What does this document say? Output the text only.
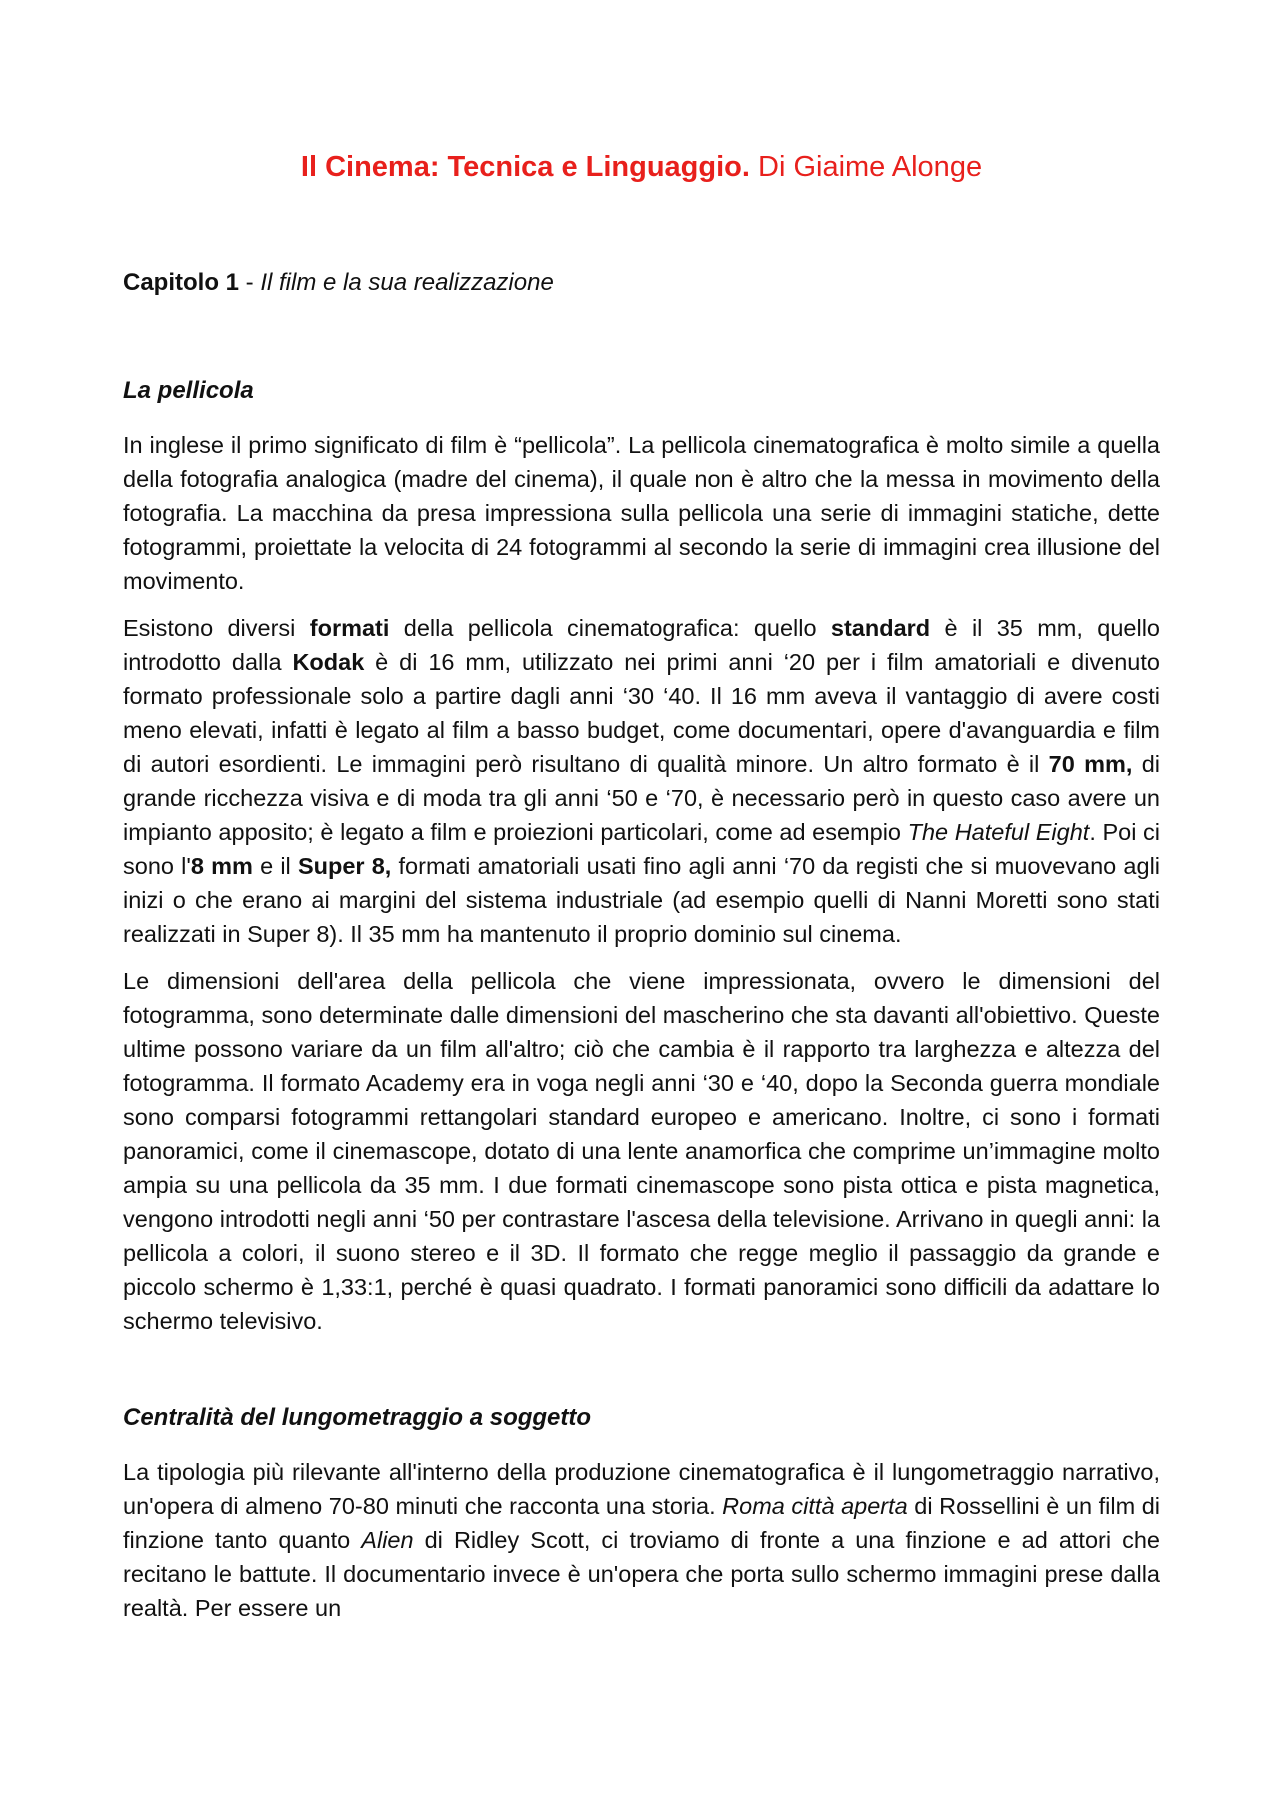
Il Cinema: Tecnica e Linguaggio. Di Giaime Alonge
Capitolo 1 - Il film e la sua realizzazione
La pellicola

In inglese il primo significato di film è “pellicola”. La pellicola cinematografica è molto simile a quella della fotografia analogica (madre del cinema), il quale non è altro che la messa in movimento della fotografia. La macchina da presa impressiona sulla pellicola una serie di immagini statiche, dette fotogrammi, proiettate la velocita di 24 fotogrammi al secondo la serie di immagini crea illusione del movimento.

Esistono diversi formati della pellicola cinematografica: quello standard è il 35 mm, quello introdotto dalla Kodak è di 16 mm, utilizzato nei primi anni ‘20 per i film amatoriali e divenuto formato professionale solo a partire dagli anni ‘30 ‘40. Il 16 mm aveva il vantaggio di avere costi meno elevati, infatti è legato al film a basso budget, come documentari, opere d'avanguardia e film di autori esordienti. Le immagini però risultano di qualità minore. Un altro formato è il 70 mm, di grande ricchezza visiva e di moda tra gli anni ‘50 e ‘70, è necessario però in questo caso avere un impianto apposito; è legato a film e proiezioni particolari, come ad esempio The Hateful Eight. Poi ci sono l'8 mm e il Super 8, formati amatoriali usati fino agli anni ‘70 da registi che si muovevano agli inizi o che erano ai margini del sistema industriale (ad esempio quelli di Nanni Moretti sono stati realizzati in Super 8). Il 35 mm ha mantenuto il proprio dominio sul cinema.

Le dimensioni dell'area della pellicola che viene impressionata, ovvero le dimensioni del fotogramma, sono determinate dalle dimensioni del mascherino che sta davanti all'obiettivo. Queste ultime possono variare da un film all'altro; ciò che cambia è il rapporto tra larghezza e altezza del fotogramma. Il formato Academy era in voga negli anni ‘30 e ‘40, dopo la Seconda guerra mondiale sono comparsi fotogrammi rettangolari standard europeo e americano. Inoltre, ci sono i formati panoramici, come il cinemascope, dotato di una lente anamorfica che comprime un’immagine molto ampia su una pellicola da 35 mm. I due formati cinemascope sono pista ottica e pista magnetica, vengono introdotti negli anni ‘50 per contrastare l'ascesa della televisione. Arrivano in quegli anni: la pellicola a colori, il suono stereo e il 3D. Il formato che regge meglio il passaggio da grande e piccolo schermo è 1,33:1, perché è quasi quadrato. I formati panoramici sono difficili da adattare lo schermo televisivo.

Centralità del lungometraggio a soggetto

La tipologia più rilevante all'interno della produzione cinematografica è il lungometraggio narrativo, un'opera di almeno 70-80 minuti che racconta una storia. Roma città aperta di Rossellini è un film di finzione tanto quanto Alien di Ridley Scott, ci troviamo di fronte a una finzione e ad attori che recitano le battute. Il documentario invece è un'opera che porta sullo schermo immagini prese dalla realtà. Per essere un
